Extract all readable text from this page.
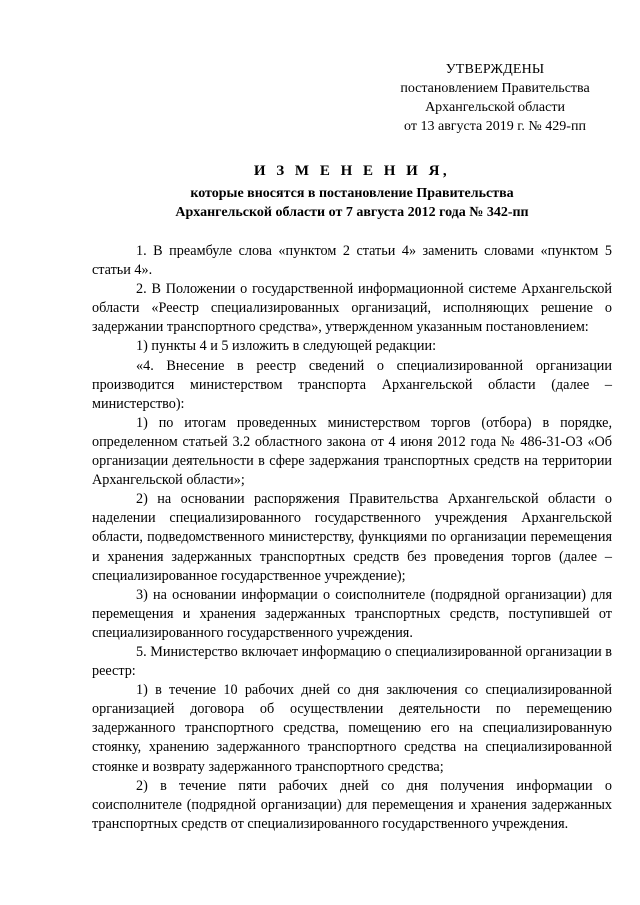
УТВЕРЖДЕНЫ
постановлением Правительства
Архангельской области
от 13 августа 2019 г. № 429-пп
И З М Е Н Е Н И Я,
которые вносятся в постановление Правительства
Архангельской области от 7 августа 2012 года № 342-пп

1. В преамбуле слова «пунктом 2 статьи 4» заменить словами «пунктом 5 статьи 4».

2. В Положении о государственной информационной системе Архангельской области «Реестр специализированных организаций, исполняющих решение о задержании транспортного средства», утвержденном указанным постановлением:

1) пункты 4 и 5 изложить в следующей редакции:

«4. Внесение в реестр сведений о специализированной организации производится министерством транспорта Архангельской области (далее – министерство):

1) по итогам проведенных министерством торгов (отбора) в порядке, определенном статьей 3.2 областного закона от 4 июня 2012 года № 486-31-ОЗ «Об организации деятельности в сфере задержания транспортных средств на территории Архангельской области»;

2) на основании распоряжения Правительства Архангельской области о наделении специализированного государственного учреждения Архангельской области, подведомственного министерству, функциями по организации перемещения и хранения задержанных транспортных средств без проведения торгов (далее – специализированное государственное учреждение);

3) на основании информации о соисполнителе (подрядной организации) для перемещения и хранения задержанных транспортных средств, поступившей от специализированного государственного учреждения.

5. Министерство включает информацию о специализированной организации в реестр:

1) в течение 10 рабочих дней со дня заключения со специализированной организацией договора об осуществлении деятельности по перемещению задержанного транспортного средства, помещению его на специализированную стоянку, хранению задержанного транспортного средства на специализированной стоянке и возврату задержанного транспортного средства;

2) в течение пяти рабочих дней со дня получения информации о соисполнителе (подрядной организации) для перемещения и хранения задержанных транспортных средств от специализированного государственного учреждения.
